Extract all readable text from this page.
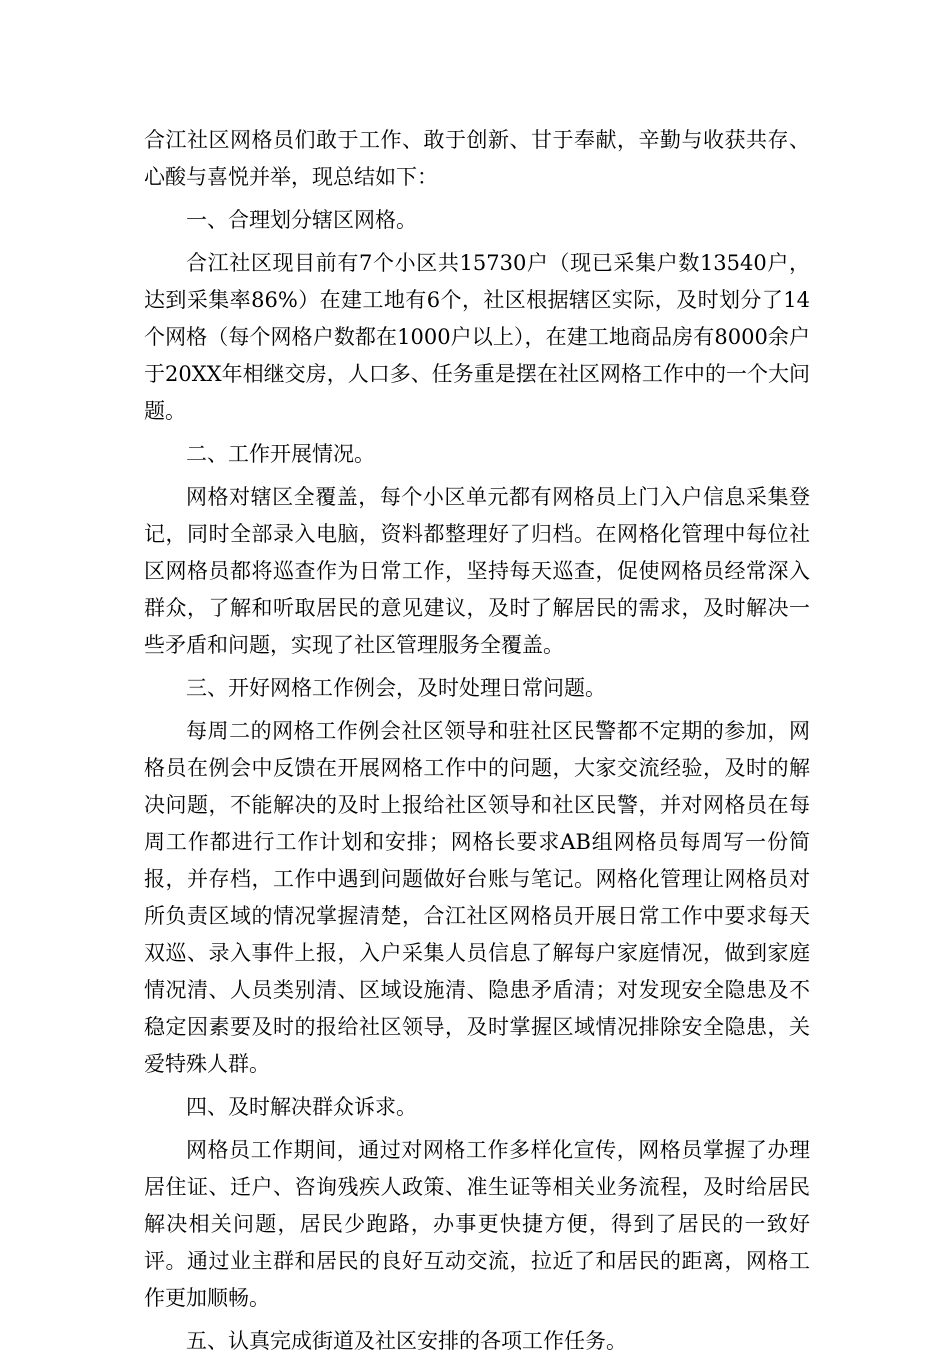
合江社区网格员们敢于工作、敢于创新、甘于奉献，辛勤与收获共存、心酸与喜悦并举，现总结如下：

一、合理划分辖区网格。

合江社区现目前有7个小区共15730户（现已采集户数13540户，达到采集率86%）在建工地有6个，社区根据辖区实际，及时划分了14个网格（每个网格户数都在1000户以上），在建工地商品房有8000余户于20XX年相继交房，人口多、任务重是摆在社区网格工作中的一个大问题。

二、工作开展情况。

网格对辖区全覆盖，每个小区单元都有网格员上门入户信息采集登记，同时全部录入电脑，资料都整理好了归档。在网格化管理中每位社区网格员都将巡查作为日常工作，坚持每天巡查，促使网格员经常深入群众，了解和听取居民的意见建议，及时了解居民的需求，及时解决一些矛盾和问题，实现了社区管理服务全覆盖。

三、开好网格工作例会，及时处理日常问题。

每周二的网格工作例会社区领导和驻社区民警都不定期的参加，网格员在例会中反馈在开展网格工作中的问题，大家交流经验，及时的解决问题，不能解决的及时上报给社区领导和社区民警，并对网格员在每周工作都进行工作计划和安排；网格长要求AB组网格员每周写一份简报，并存档，工作中遇到问题做好台账与笔记。网格化管理让网格员对所负责区域的情况掌握清楚，合江社区网格员开展日常工作中要求每天双巡、录入事件上报，入户采集人员信息了解每户家庭情况，做到家庭情况清、人员类别清、区域设施清、隐患矛盾清；对发现安全隐患及不稳定因素要及时的报给社区领导，及时掌握区域情况排除安全隐患，关爱特殊人群。

四、及时解决群众诉求。

网格员工作期间，通过对网格工作多样化宣传，网格员掌握了办理居住证、迁户、咨询残疾人政策、准生证等相关业务流程，及时给居民解决相关问题，居民少跑路，办事更快捷方便，得到了居民的一致好评。通过业主群和居民的良好互动交流，拉近了和居民的距离，网格工作更加顺畅。

五、认真完成街道及社区安排的各项工作任务。
